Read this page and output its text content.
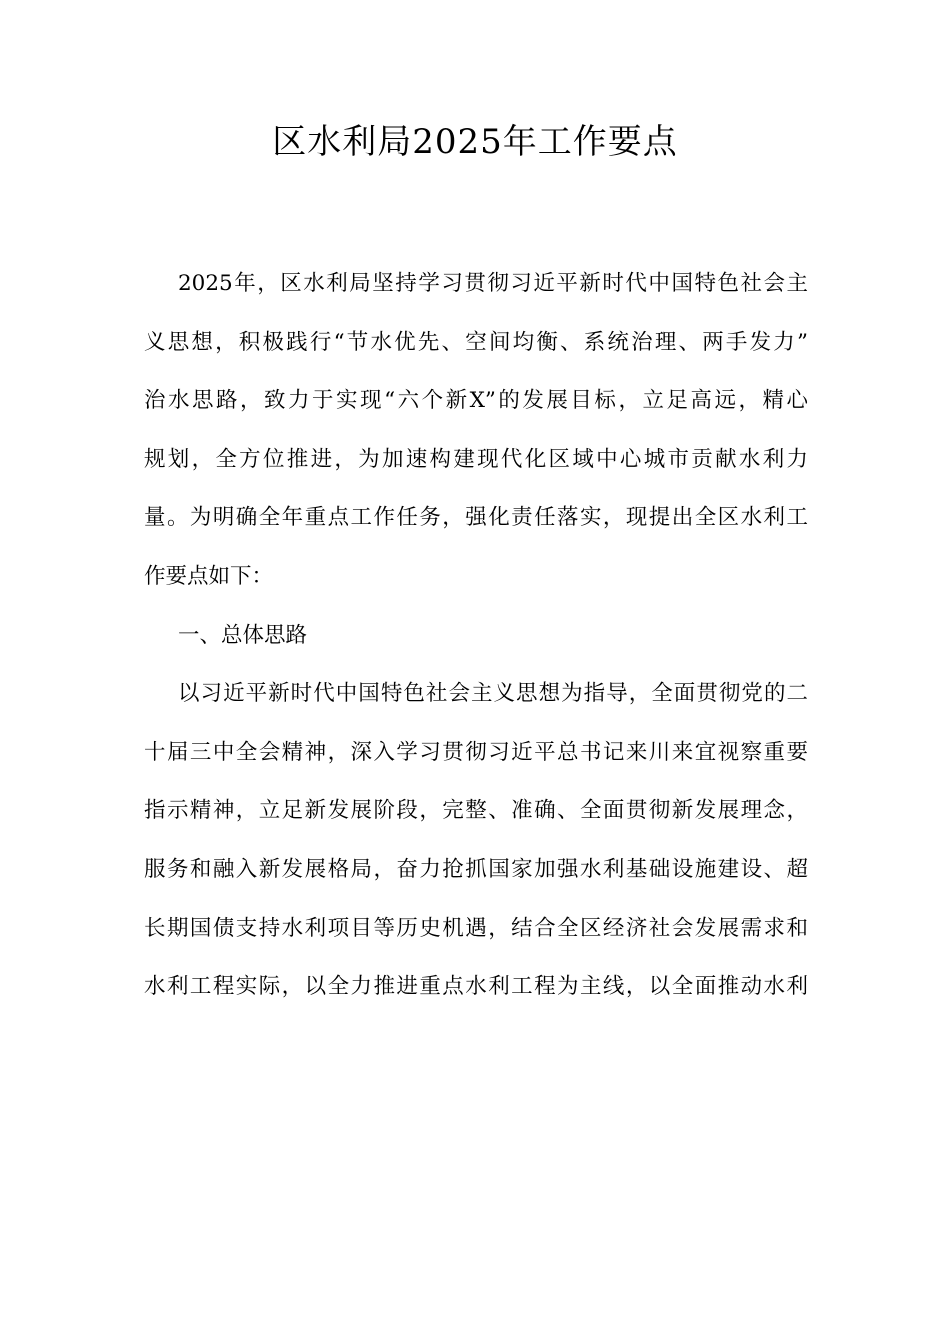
区水利局2025年工作要点
2025年，区水利局坚持学习贯彻习近平新时代中国特色社会主
义思想，积极践行“节水优先、空间均衡、系统治理、两手发力”
治水思路，致力于实现“六个新X”的发展目标，立足高远，精心
规划，全方位推进，为加速构建现代化区域中心城市贡献水利力
量。为明确全年重点工作任务，强化责任落实，现提出全区水利工
作要点如下：
一、总体思路
以习近平新时代中国特色社会主义思想为指导，全面贯彻党的二
十届三中全会精神，深入学习贯彻习近平总书记来川来宜视察重要
指示精神，立足新发展阶段，完整、准确、全面贯彻新发展理念，
服务和融入新发展格局，奋力抢抓国家加强水利基础设施建设、超
长期国债支持水利项目等历史机遇，结合全区经济社会发展需求和
水利工程实际，以全力推进重点水利工程为主线，以全面推动水利
